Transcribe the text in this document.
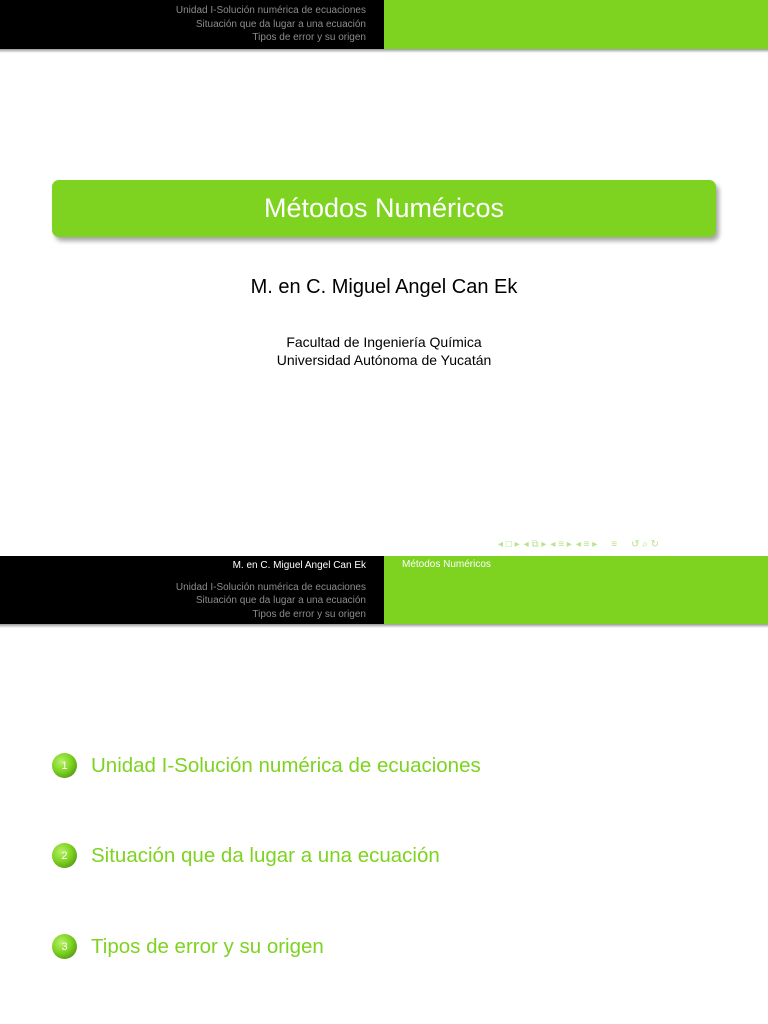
Unidad I-Solución numérica de ecuaciones
Situación que da lugar a una ecuación
Tipos de error y su origen
Métodos Numéricos
M. en C. Miguel Angel Can Ek
Facultad de Ingeniería Química
Universidad Autónoma de Yucatán
◂ □ ▸ ◂ ⧉ ▸ ◂ ≡ ▸ ◂ ≡ ▸ ≡ ↺ ⌕ ↻
M. en C. Miguel Angel Can Ek
Unidad I-Solución numérica de ecuaciones
Situación que da lugar a una ecuación
Tipos de error y su origen
Métodos Numéricos
1	Unidad I-Solución numérica de ecuaciones
2	Situación que da lugar a una ecuación
3	Tipos de error y su origen
